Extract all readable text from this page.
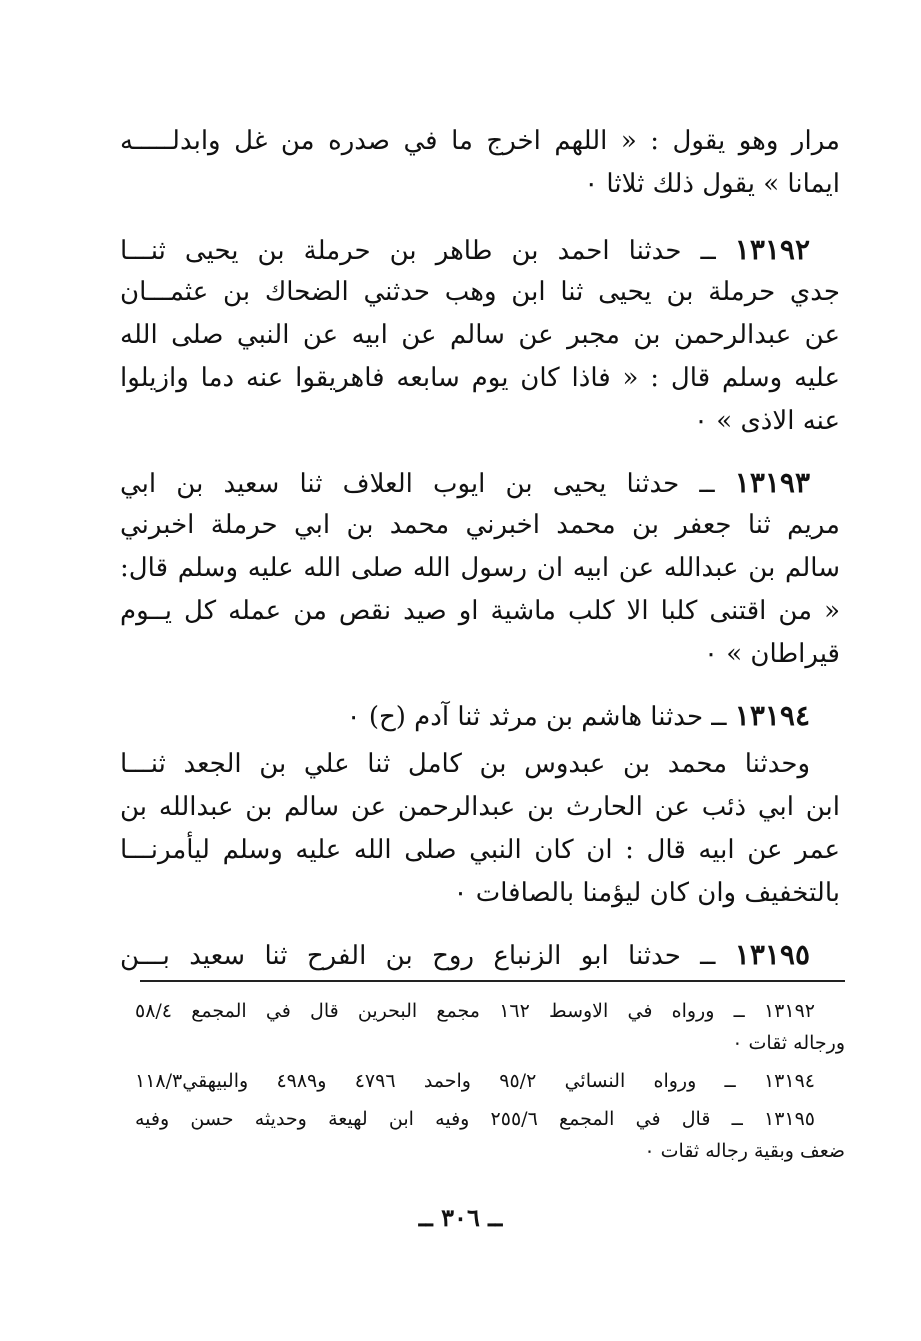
مرار وهو يقول : « اللهم اخرج ما في صدره من غل وابدلـــــه
ايمانا » يقول ذلك ثلاثا ٠
١٣١٩٢ ــ حدثنا احمد بن طاهر بن حرملة بن يحيى ثنـــا
جدي حرملة بن يحيى ثنا ابن وهب حدثني الضحاك بن عثمـــان
عن عبدالرحمن بن مجبر عن سالم عن ابيه عن النبي صلى الله
عليه وسلم قال : « فاذا كان يوم سابعه فاهريقوا عنه دما وازيلوا
عنه الاذى » ٠
١٣١٩٣ ــ حدثنا يحيى بن ايوب العلاف ثنا سعيد بن ابي
مريم ثنا جعفر بن محمد اخبرني محمد بن ابي حرملة اخبرني
سالم بن عبدالله عن ابيه ان رسول الله صلى الله عليه وسلم قال:
« من اقتنى كلبا الا كلب ماشية او صيد نقص من عمله كل يــوم
قيراطان » ٠
١٣١٩٤ ــ حدثنا هاشم بن مرثد ثنا آدم (ح) ٠
وحدثنا محمد بن عبدوس بن كامل ثنا علي بن الجعد ثنـــا
ابن ابي ذئب عن الحارث بن عبدالرحمن عن سالم بن عبدالله بن
عمر عن ابيه قال : ان كان النبي صلى الله عليه وسلم ليأمرنـــا
بالتخفيف وان كان ليؤمنا بالصافات ٠
١٣١٩٥ ــ حدثنا ابو الزنباع روح بن الفرح ثنا سعيد بـــن
١٣١٩٢ ــ ورواه في الاوسط ١٦٢ مجمع البحرين قال في المجمع ٥٨/٤
ورجاله ثقات ٠
١٣١٩٤ ــ ورواه النسائي ٩٥/٢ واحمد ٤٧٩٦ و٤٩٨٩ والبيهقي١١٨/٣
١٣١٩٥ ــ قال في المجمع ٢٥٥/٦ وفيه ابن لهيعة وحديثه حسن وفيه
ضعف وبقية رجاله ثقات ٠
ــ ٣٠٦ ــ
